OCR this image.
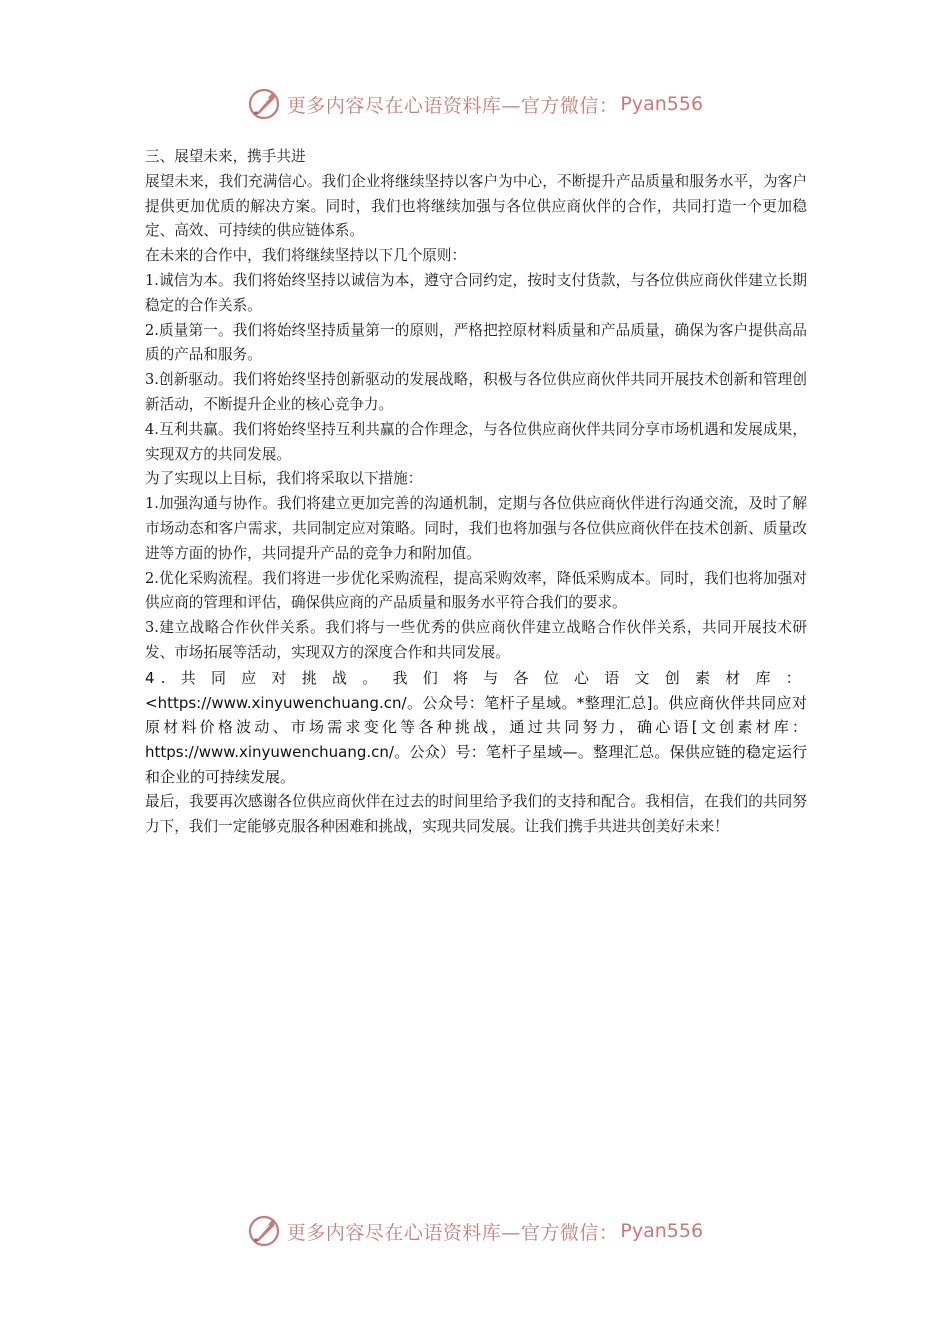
更多内容尽在心语资料库—官方微信： Pyan556

三、展望未来，携手共进

展望未来，我们充满信心。我们企业将继续坚持以客户为中心，不断提升产品质量和服务水平，为客户提供更加优质的解决方案。同时，我们也将继续加强与各位供应商伙伴的合作，共同打造一个更加稳定、高效、可持续的供应链体系。

在未来的合作中，我们将继续坚持以下几个原则：

1.诚信为本。我们将始终坚持以诚信为本，遵守合同约定，按时支付货款，与各位供应商伙伴建立长期稳定的合作关系。

2.质量第一。我们将始终坚持质量第一的原则，严格把控原材料质量和产品质量，确保为客户提供高品质的产品和服务。

3.创新驱动。我们将始终坚持创新驱动的发展战略，积极与各位供应商伙伴共同开展技术创新和管理创新活动，不断提升企业的核心竞争力。

4.互利共赢。我们将始终坚持互利共赢的合作理念，与各位供应商伙伴共同分享市场机遇和发展成果，实现双方的共同发展。

为了实现以上目标，我们将采取以下措施：

1.加强沟通与协作。我们将建立更加完善的沟通机制，定期与各位供应商伙伴进行沟通交流，及时了解市场动态和客户需求，共同制定应对策略。同时，我们也将加强与各位供应商伙伴在技术创新、质量改进等方面的协作，共同提升产品的竞争力和附加值。

2.优化采购流程。我们将进一步优化采购流程，提高采购效率，降低采购成本。同时，我们也将加强对供应商的管理和评估，确保供应商的产品质量和服务水平符合我们的要求。

3.建立战略合作伙伴关系。我们将与一些优秀的供应商伙伴建立战略合作伙伴关系，共同开展技术研发、市场拓展等活动，实现双方的深度合作和共同发展。

4.共同应对挑战。我们将与各位心语文创素材库： <https://www.xinyuwenchuang.cn/。公众号：笔杆子星域。*整理汇总]。供应商伙伴共同应对原材料价格波动、市场需求变化等各种挑战，通过共同努力，确心语[文创素材库：https://www.xinyuwenchuang.cn/。公众）号：笔杆子星域—。整理汇总。保供应链的稳定运行和企业的可持续发展。

最后，我要再次感谢各位供应商伙伴在过去的时间里给予我们的支持和配合。我相信，在我们的共同努力下，我们一定能够克服各种困难和挑战，实现共同发展。让我们携手共进共创美好未来！

更多内容尽在心语资料库—官方微信： Pyan556
